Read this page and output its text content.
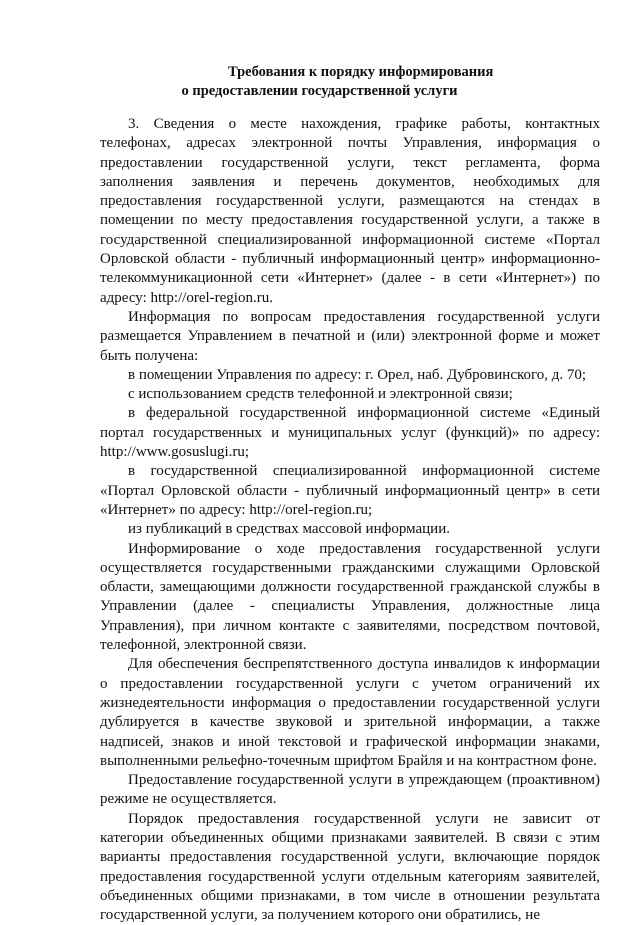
Требования к порядку информирования
о предоставлении государственной услуги

3. Сведения о месте нахождения, графике работы, контактных телефонах, адресах электронной почты Управления, информация о предоставлении государственной услуги, текст регламента, форма заполнения заявления и перечень документов, необходимых для предоставления государственной услуги, размещаются на стендах в помещении по месту предоставления государственной услуги, а также в государственной специализированной информационной системе «Портал Орловской области - публичный информационный центр» информационно-телекоммуникационной сети «Интернет» (далее - в сети «Интернет») по адресу: http://orel-region.ru.

Информация по вопросам предоставления государственной услуги размещается Управлением в печатной и (или) электронной форме и может быть получена:

в помещении Управления по адресу: г. Орел, наб. Дубровинского, д. 70;

с использованием средств телефонной и электронной связи;

в федеральной государственной информационной системе «Единый портал государственных и муниципальных услуг (функций)» по адресу: http://www.gosuslugi.ru;

в государственной специализированной информационной системе «Портал Орловской области - публичный информационный центр» в сети «Интернет» по адресу: http://orel-region.ru;

из публикаций в средствах массовой информации.

Информирование о ходе предоставления государственной услуги осуществляется государственными гражданскими служащими Орловской области, замещающими должности государственной гражданской службы в Управлении (далее - специалисты Управления, должностные лица Управления), при личном контакте с заявителями, посредством почтовой, телефонной, электронной связи.

Для обеспечения беспрепятственного доступа инвалидов к информации о предоставлении государственной услуги с учетом ограничений их жизнедеятельности информация о предоставлении государственной услуги дублируется в качестве звуковой и зрительной информации, а также надписей, знаков и иной текстовой и графической информации знаками, выполненными рельефно-точечным шрифтом Брайля и на контрастном фоне.

Предоставление государственной услуги в упреждающем (проактивном) режиме не осуществляется.

Порядок предоставления государственной услуги не зависит от категории объединенных общими признаками заявителей. В связи с этим варианты предоставления государственной услуги, включающие порядок предоставления государственной услуги отдельным категориям заявителей, объединенных общими признаками, в том числе в отношении результата государственной услуги, за получением которого они обратились, не
